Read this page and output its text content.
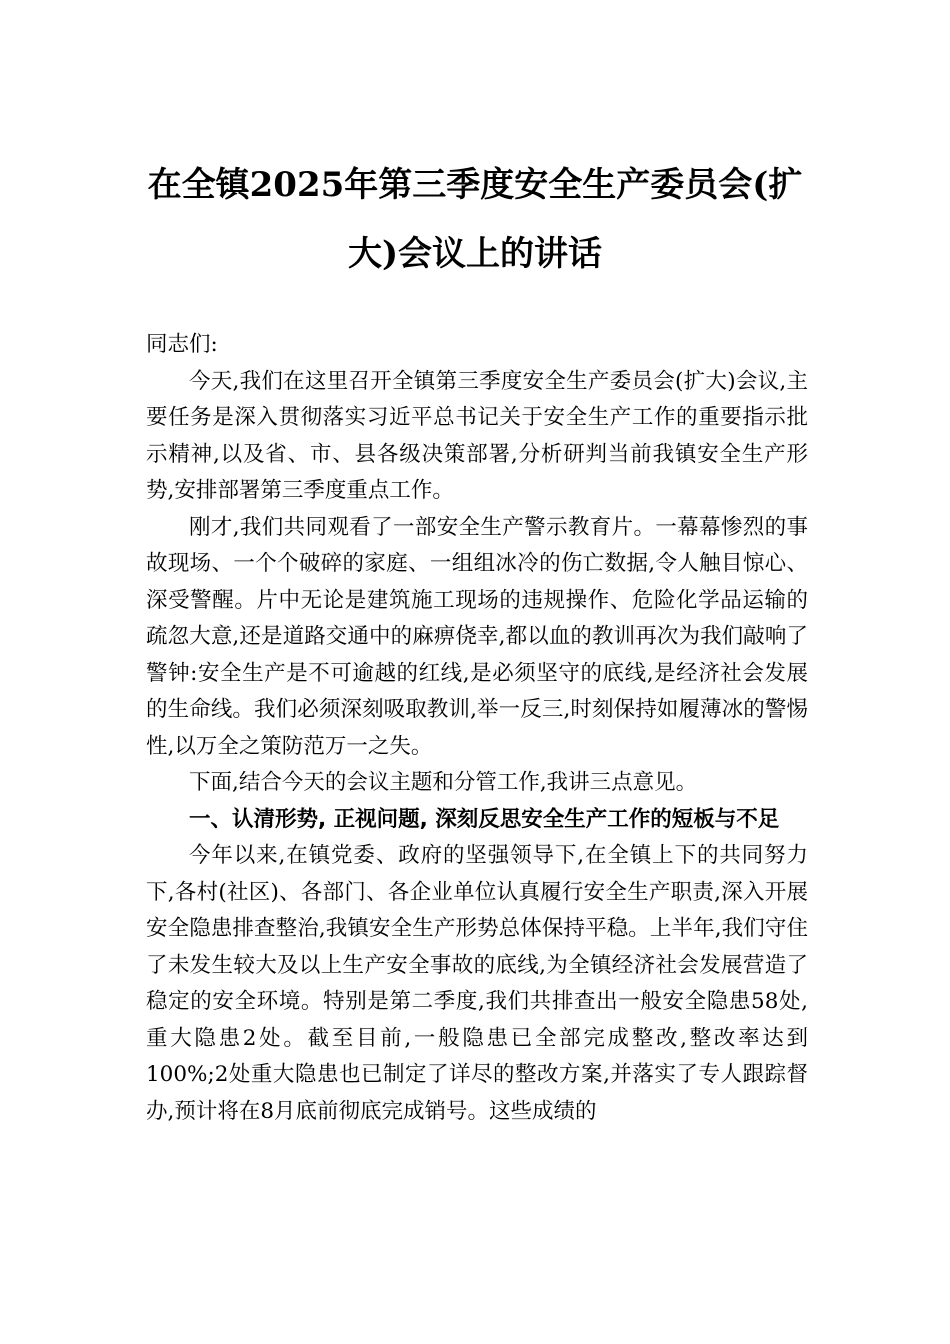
在全镇2025年第三季度安全生产委员会(扩
大)会议上的讲话

同志们:

今天,我们在这里召开全镇第三季度安全生产委员会(扩大)会议,主要任务是深入贯彻落实习近平总书记关于安全生产工作的重要指示批示精神,以及省、市、县各级决策部署,分析研判当前我镇安全生产形势,安排部署第三季度重点工作。

刚才,我们共同观看了一部安全生产警示教育片。一幕幕惨烈的事故现场、一个个破碎的家庭、一组组冰冷的伤亡数据,令人触目惊心、深受警醒。片中无论是建筑施工现场的违规操作、危险化学品运输的疏忽大意,还是道路交通中的麻痹侥幸,都以血的教训再次为我们敲响了警钟:安全生产是不可逾越的红线,是必须坚守的底线,是经济社会发展的生命线。我们必须深刻吸取教训,举一反三,时刻保持如履薄冰的警惕性,以万全之策防范万一之失。

下面,结合今天的会议主题和分管工作,我讲三点意见。

一、认清形势, 正视问题, 深刻反思安全生产工作的短板与不足

今年以来,在镇党委、政府的坚强领导下,在全镇上下的共同努力下,各村(社区)、各部门、各企业单位认真履行安全生产职责,深入开展安全隐患排查整治,我镇安全生产形势总体保持平稳。上半年,我们守住了未发生较大及以上生产安全事故的底线,为全镇经济社会发展营造了稳定的安全环境。特别是第二季度,我们共排查出一般安全隐患58处,重大隐患2处。截至目前,一般隐患已全部完成整改,整改率达到100%;2处重大隐患也已制定了详尽的整改方案,并落实了专人跟踪督办,预计将在8月底前彻底完成销号。这些成绩的
